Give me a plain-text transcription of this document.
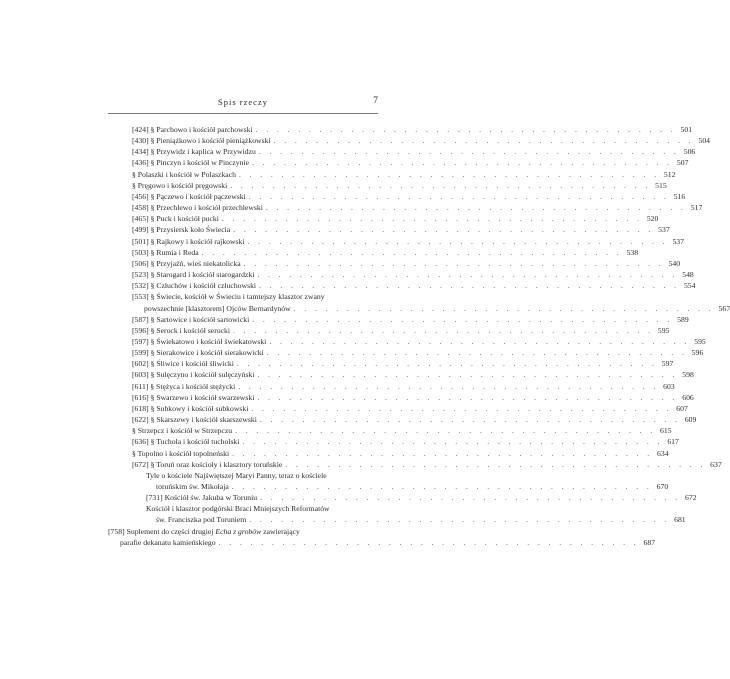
Spis rzeczy	7
[424] § Parchowo i kościół parchowski . . . . . . . . . . . . . . . . . . . . . . . . . . . . . . . . . . . . . . . . 501
[430] § Pieniążkowo i kościół pieniążkowski . . . . . . . . . . . . . . . . . . . . . . . . . . . . . . . . . . . . . . . . 504
[434] § Przywidz i kaplica w Przywidzu . . . . . . . . . . . . . . . . . . . . . . . . . . . . . . . . . . . . . . . . 506
[436] § Pinczyn i kościół w Pinczynie . . . . . . . . . . . . . . . . . . . . . . . . . . . . . . . . . . . . . . . . 507
§ Polaszki i kościół w Polaszkach . . . . . . . . . . . . . . . . . . . . . . . . . . . . . . . . . . . . . . . . 512
§ Pręgowo i kościół pręgowski . . . . . . . . . . . . . . . . . . . . . . . . . . . . . . . . . . . . . . . . 515
[456] § Pączewo i kościół pączewski . . . . . . . . . . . . . . . . . . . . . . . . . . . . . . . . . . . . . . . . 516
[458] § Przechlewo i kościół przechlewski . . . . . . . . . . . . . . . . . . . . . . . . . . . . . . . . . . . . . . . . 517
[465] § Puck i kościół pucki . . . . . . . . . . . . . . . . . . . . . . . . . . . . . . . . . . . . . . . . 520
[499] § Przysiersk koło Świecia . . . . . . . . . . . . . . . . . . . . . . . . . . . . . . . . . . . . . . . . 537
[501] § Rajkowy i kościół rajkowski . . . . . . . . . . . . . . . . . . . . . . . . . . . . . . . . . . . . . . . . 537
[503] § Rumia i Reda . . . . . . . . . . . . . . . . . . . . . . . . . . . . . . . . . . . . . . . . 538
[506] § Przyjaźń, wieś niekatolicka . . . . . . . . . . . . . . . . . . . . . . . . . . . . . . . . . . . . . . . . 540
[523] § Starogard i kościół starogardzki . . . . . . . . . . . . . . . . . . . . . . . . . . . . . . . . . . . . . . . . 548
[532] § Człuchów i kościół człuchowski . . . . . . . . . . . . . . . . . . . . . . . . . . . . . . . . . . . . . . . . 554
[553] § Świecie, kościół w Świeciu i tamtejszy klasztor zwany
powszechnie [klasztorem] Ojców Bernardynów . . . . . . . . . . . . . . . . . . . . . . . . . . . . . . . . . . . . . . . . 567
[587] § Sartowice i kościół sartowicki . . . . . . . . . . . . . . . . . . . . . . . . . . . . . . . . . . . . . . . . 589
[596] § Serock i kościół serocki . . . . . . . . . . . . . . . . . . . . . . . . . . . . . . . . . . . . . . . . 595
[597] § Świekatowo i kościół świekatowski . . . . . . . . . . . . . . . . . . . . . . . . . . . . . . . . . . . . . . . . 595
[599] § Sierakowice i kościół sierakowicki . . . . . . . . . . . . . . . . . . . . . . . . . . . . . . . . . . . . . . . . 596
[602] § Śliwice i kościół śliwicki . . . . . . . . . . . . . . . . . . . . . . . . . . . . . . . . . . . . . . . . 597
[603] § Sulęczyno i kościół sulęczyński . . . . . . . . . . . . . . . . . . . . . . . . . . . . . . . . . . . . . . . . 598
[611] § Stężyca i kościół stężycki . . . . . . . . . . . . . . . . . . . . . . . . . . . . . . . . . . . . . . . . 603
[616] § Swarzewo i kościół swarzewski . . . . . . . . . . . . . . . . . . . . . . . . . . . . . . . . . . . . . . . . 606
[618] § Subkowy i kościół subkowski . . . . . . . . . . . . . . . . . . . . . . . . . . . . . . . . . . . . . . . . 607
[622] § Skarszewy i kościół skarszewski . . . . . . . . . . . . . . . . . . . . . . . . . . . . . . . . . . . . . . . . 609
§ Strzepcz i kościół w Strzepczu . . . . . . . . . . . . . . . . . . . . . . . . . . . . . . . . . . . . . . . . 615
[636] § Tuchola i kościół tucholski . . . . . . . . . . . . . . . . . . . . . . . . . . . . . . . . . . . . . . . . 617
§ Topolno i kościół topolneński . . . . . . . . . . . . . . . . . . . . . . . . . . . . . . . . . . . . . . . . 634
[672] § Toruń oraz kościoły i klasztory toruńskie . . . . . . . . . . . . . . . . . . . . . . . . . . . . . . . . . . . . . . . . 637
Tyle o kościele Najświętszej Maryi Panny, teraz o kościele
toruńskim św. Mikołaja . . . . . . . . . . . . . . . . . . . . . . . . . . . . . . . . . . . . . . . . 670
[731] Kościół św. Jakuba w Toruniu . . . . . . . . . . . . . . . . . . . . . . . . . . . . . . . . . . . . . . . . 672
Kościół i klasztor podgórski Braci Mniejszych Reformatów
św. Franciszka pod Toruniem . . . . . . . . . . . . . . . . . . . . . . . . . . . . . . . . . . . . . . . . 681
[758] Suplement do części drugiej Echa z grobów zawierający
parafie dekanatu kamieńskiego . . . . . . . . . . . . . . . . . . . . . . . . . . . . . . . . . . . . . . . . 687
